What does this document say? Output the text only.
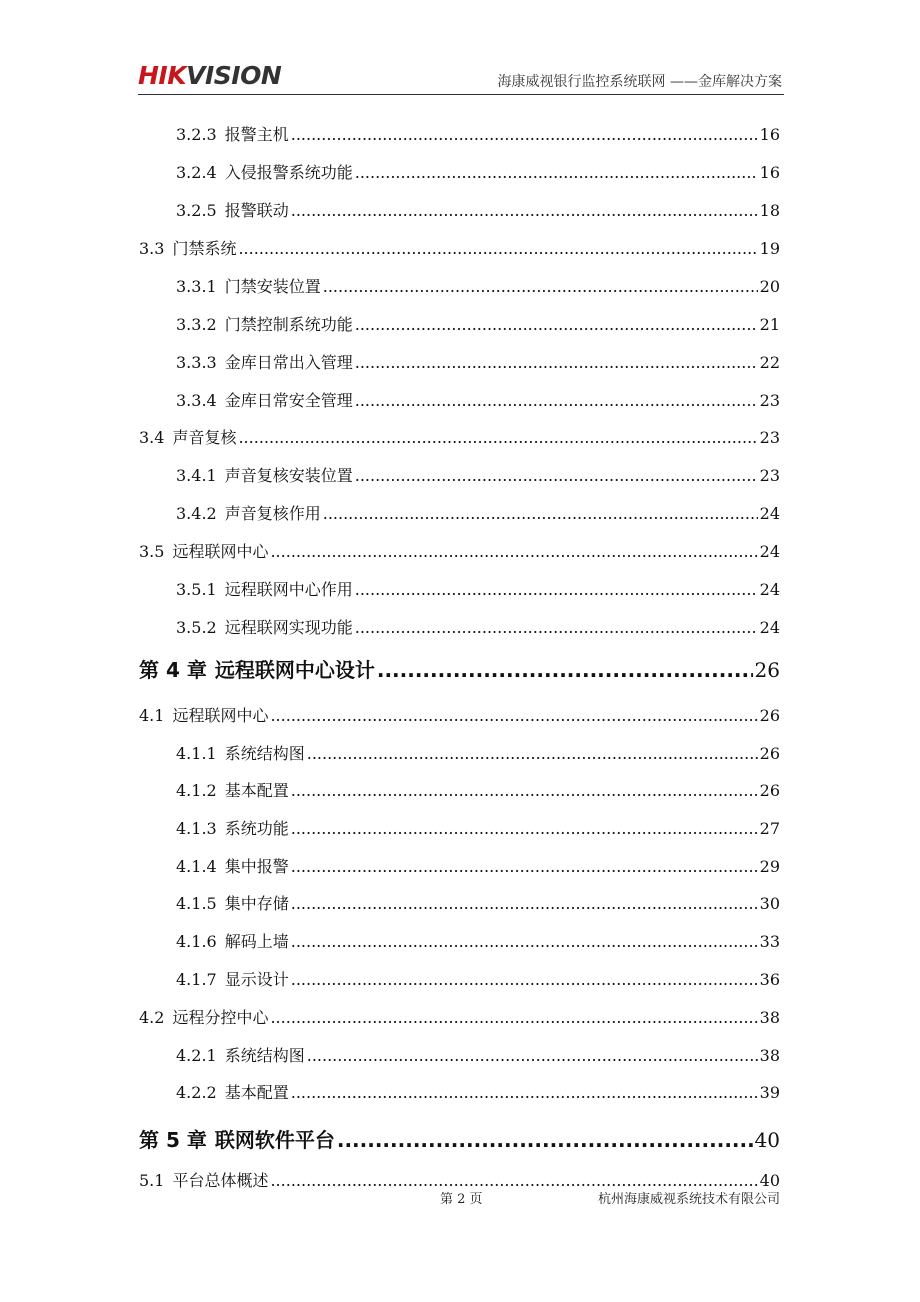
HIKVISION	海康威视银行监控系统联网 ——金库解决方案
3.2.3 报警主机 .....	16
3.2.4 入侵报警系统功能 .....	16
3.2.5 报警联动 .....	18
3.3 门禁系统 .....	19
3.3.1 门禁安装位置 .....	20
3.3.2 门禁控制系统功能 .....	21
3.3.3 金库日常出入管理 .....	22
3.3.4 金库日常安全管理 .....	23
3.4 声音复核 .....	23
3.4.1 声音复核安装位置 .....	23
3.4.2 声音复核作用 .....	24
3.5 远程联网中心 .....	24
3.5.1 远程联网中心作用 .....	24
3.5.2 远程联网实现功能 .....	24
第 4 章 远程联网中心设计 .....	26
4.1 远程联网中心 .....	26
4.1.1 系统结构图 .....	26
4.1.2 基本配置 .....	26
4.1.3 系统功能 .....	27
4.1.4 集中报警 .....	29
4.1.5 集中存储 .....	30
4.1.6 解码上墙 .....	33
4.1.7 显示设计 .....	36
4.2 远程分控中心 .....	38
4.2.1 系统结构图 .....	38
4.2.2 基本配置 .....	39
第 5 章 联网软件平台 .....	40
5.1 平台总体概述 .....	40
第 2 页	杭州海康威视系统技术有限公司
